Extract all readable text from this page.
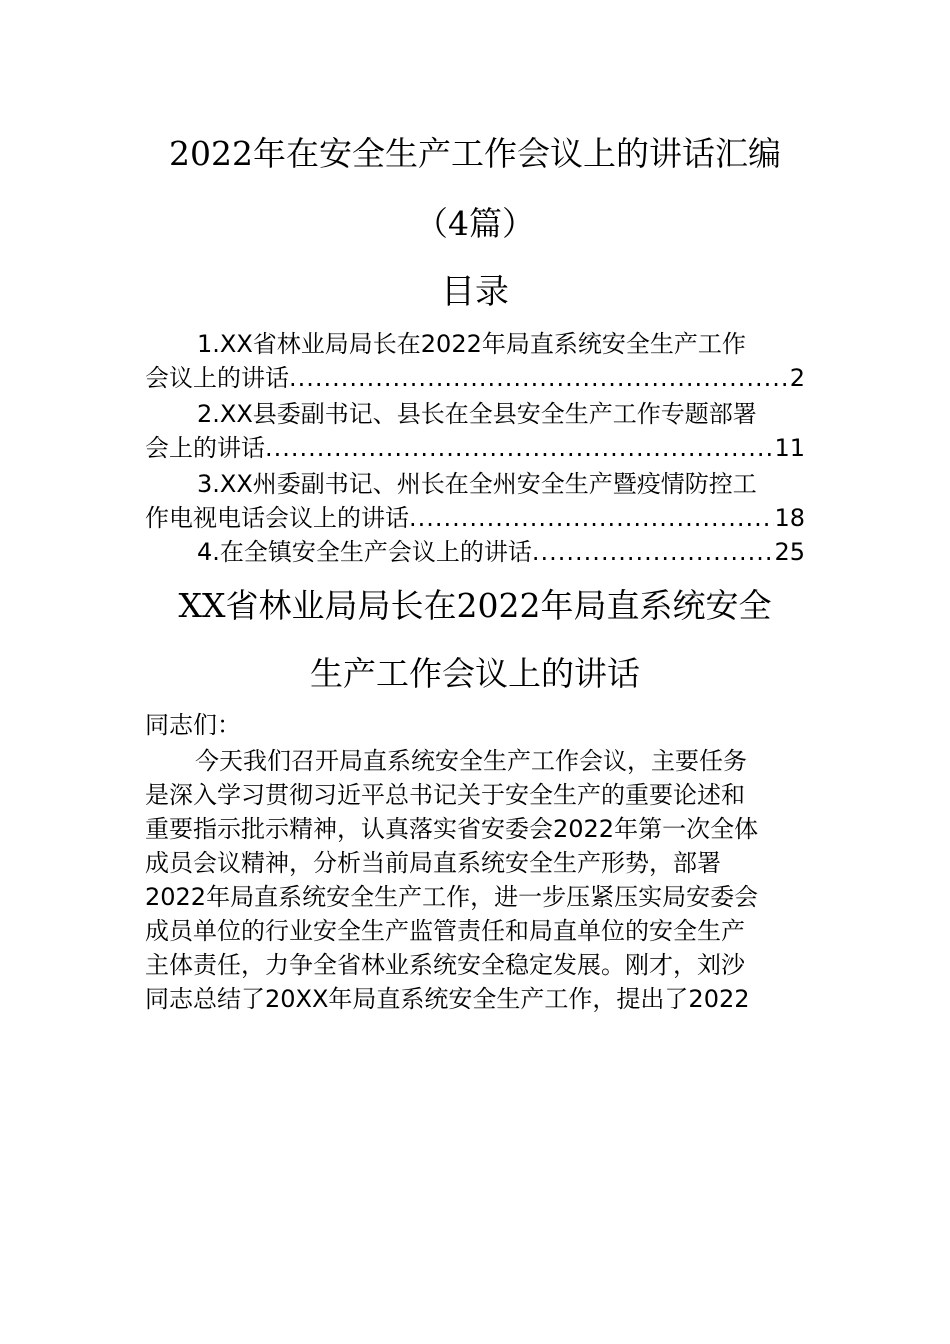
2022年在安全生产工作会议上的讲话汇编
（4篇）
目录
1.XX省林业局局长在2022年局直系统安全生产工作
会议上的讲话 .....	2
2.XX县委副书记、县长在全县安全生产工作专题部署
会上的讲话 .....	11
3.XX州委副书记、州长在全州安全生产暨疫情防控工
作电视电话会议上的讲话 .....	18
4.在全镇安全生产会议上的讲话 .....	25
XX省林业局局长在2022年局直系统安全
生产工作会议上的讲话
同志们：
今天我们召开局直系统安全生产工作会议，主要任务
是深入学习贯彻习近平总书记关于安全生产的重要论述和
重要指示批示精神，认真落实省安委会2022年第一次全体
成员会议精神，分析当前局直系统安全生产形势，部署
2022年局直系统安全生产工作，进一步压紧压实局安委会
成员单位的行业安全生产监管责任和局直单位的安全生产
主体责任，力争全省林业系统安全稳定发展。刚才，刘沙
同志总结了20XX年局直系统安全生产工作，提出了2022
